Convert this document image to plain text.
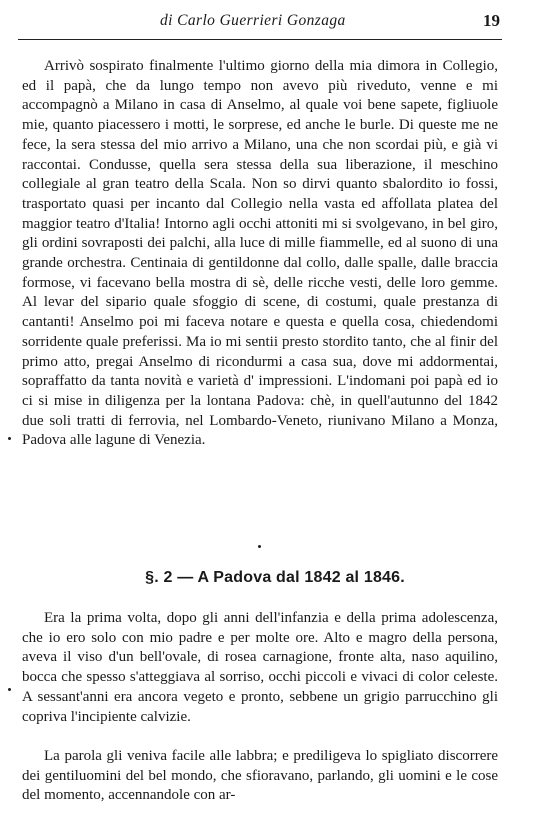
di Carlo Guerrieri Gonzaga	19

Arrivò sospirato finalmente l'ultimo giorno della mia dimora in Collegio, ed il papà, che da lungo tempo non avevo più riveduto, venne e mi accompagnò a Milano in casa di Anselmo, al quale voi bene sapete, figliuole mie, quanto piacessero i motti, le sorprese, ed anche le burle. Di queste me ne fece, la sera stessa del mio arrivo a Milano, una che non scordai più, e già vi raccontai. Condusse, quella sera stessa della sua liberazione, il meschino collegiale al gran teatro della Scala. Non so dirvi quanto sbalordito io fossi, trasportato quasi per incanto dal Collegio nella vasta ed affollata platea del maggior teatro d'Italia! Intorno agli occhi attoniti mi si svolgevano, in bel giro, gli ordini sovraposti dei palchi, alla luce di mille fiammelle, ed al suono di una grande orchestra. Centinaia di gentildonne dal collo, dalle spalle, dalle braccia formose, vi facevano bella mostra di sè, delle ricche vesti, delle loro gemme. Al levar del sipario quale sfoggio di scene, di costumi, quale prestanza di cantanti! Anselmo poi mi faceva notare e questa e quella cosa, chiedendomi sorridente quale preferissi. Ma io mi sentii presto stordito tanto, che al finir del primo atto, pregai Anselmo di ricondurmi a casa sua, dove mi addormentai, sopraffatto da tanta novità e varietà d' impressioni. L'indomani poi papà ed io ci si mise in diligenza per la lontana Padova: chè, in quell'autunno del 1842 due soli tratti di ferrovia, nel Lombardo-Veneto, riunivano Milano a Monza, Padova alle lagune di Venezia.

§. 2 — A Padova dal 1842 al 1846.

Era la prima volta, dopo gli anni dell'infanzia e della prima adolescenza, che io ero solo con mio padre e per molte ore. Alto e magro della persona, aveva il viso d'un bell'ovale, di rosea carnagione, fronte alta, naso aquilino, bocca che spesso s'atteggiava al sorriso, occhi piccoli e vivaci di color celeste. A sessant'anni era ancora vegeto e pronto, sebbene un grigio parrucchino gli copriva l'incipiente calvizie.

La parola gli veniva facile alle labbra; e prediligeva lo spigliato discorrere dei gentiluomini del bel mondo, che sfioravano, parlando, gli uomini e le cose del momento, accennandole con ar-
